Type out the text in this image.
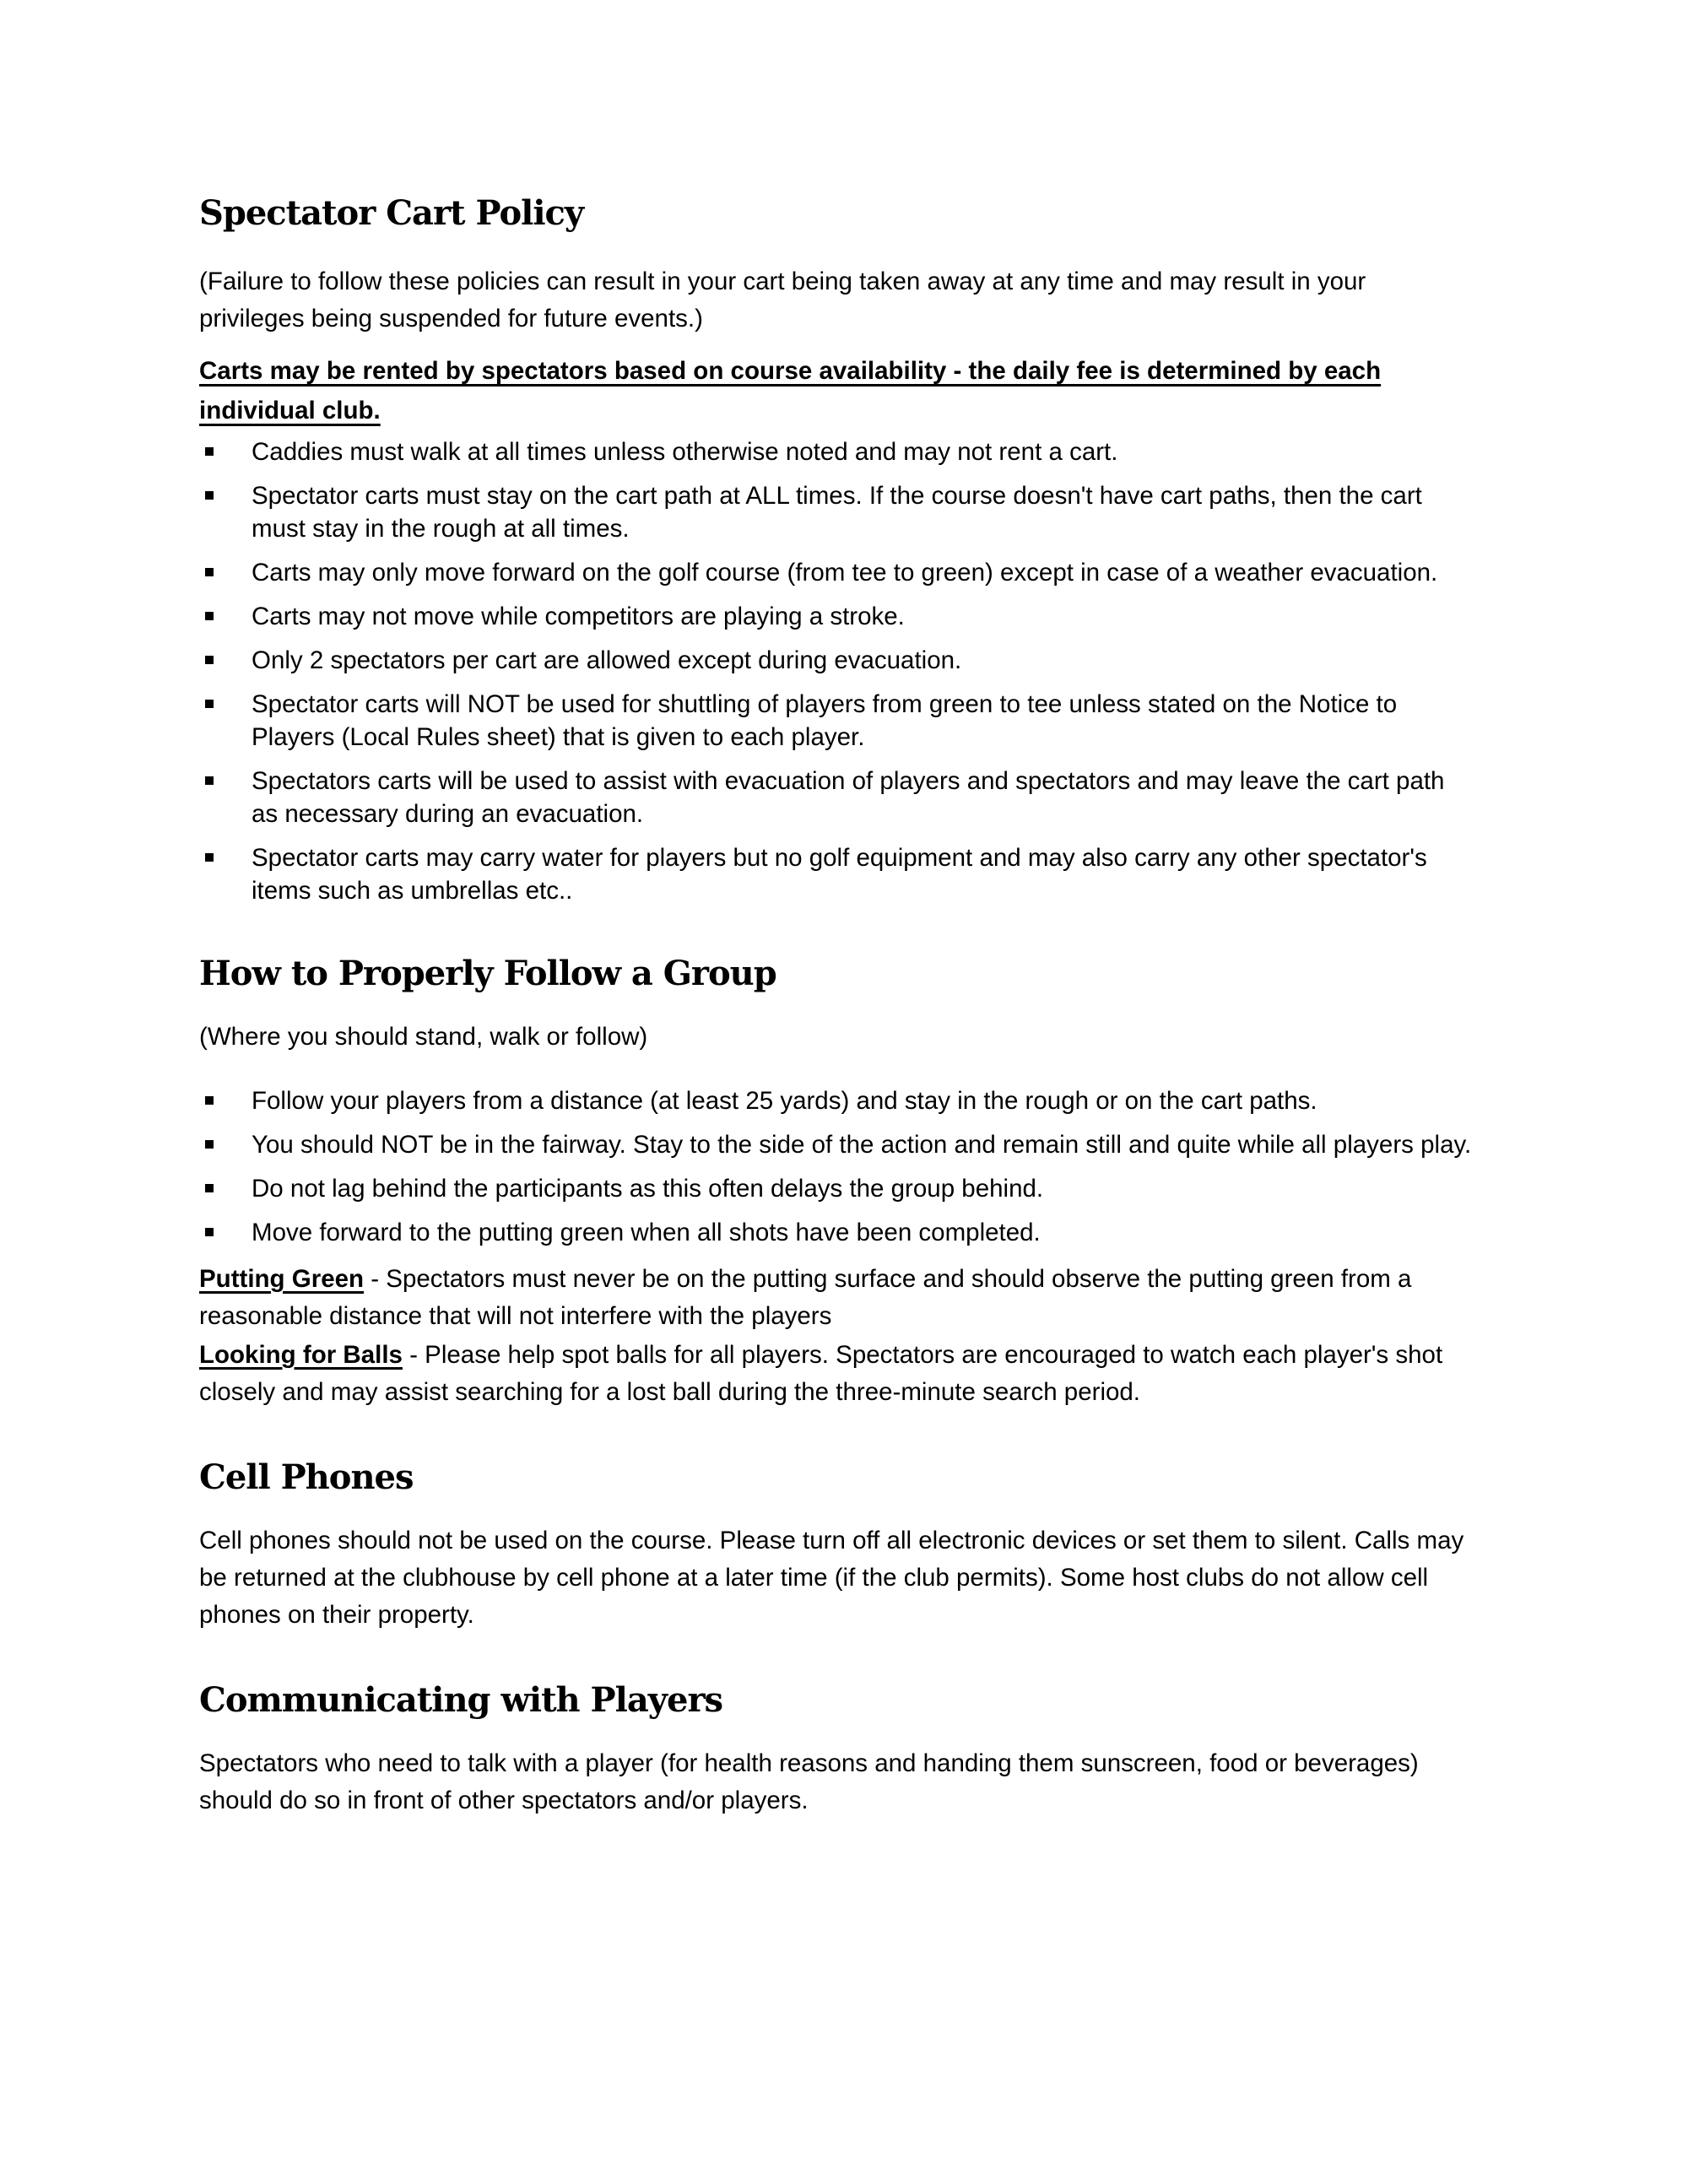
Spectator Cart Policy

(Failure to follow these policies can result in your cart being taken away at any time and may result in your privileges being suspended for future events.)

Carts may be rented by spectators based on course availability - the daily fee is determined by each individual club.

Caddies must walk at all times unless otherwise noted and may not rent a cart.
Spectator carts must stay on the cart path at ALL times. If the course doesn't have cart paths, then the cart must stay in the rough at all times.
Carts may only move forward on the golf course (from tee to green) except in case of a weather evacuation.
Carts may not move while competitors are playing a stroke.
Only 2 spectators per cart are allowed except during evacuation.
Spectator carts will NOT be used for shuttling of players from green to tee unless stated on the Notice to Players (Local Rules sheet) that is given to each player.
Spectators carts will be used to assist with evacuation of players and spectators and may leave the cart path as necessary during an evacuation.
Spectator carts may carry water for players but no golf equipment and may also carry any other spectator's items such as umbrellas etc..
How to Properly Follow a Group

(Where you should stand, walk or follow)

Follow your players from a distance (at least 25 yards) and stay in the rough or on the cart paths.
You should NOT be in the fairway. Stay to the side of the action and remain still and quite while all players play.
Do not lag behind the participants as this often delays the group behind.
Move forward to the putting green when all shots have been completed.

Putting Green - Spectators must never be on the putting surface and should observe the putting green from a reasonable distance that will not interfere with the players

Looking for Balls - Please help spot balls for all players. Spectators are encouraged to watch each player's shot closely and may assist searching for a lost ball during the three-minute search period.

Cell Phones

Cell phones should not be used on the course. Please turn off all electronic devices or set them to silent. Calls may be returned at the clubhouse by cell phone at a later time (if the club permits). Some host clubs do not allow cell phones on their property.

Communicating with Players

Spectators who need to talk with a player (for health reasons and handing them sunscreen, food or beverages) should do so in front of other spectators and/or players.
